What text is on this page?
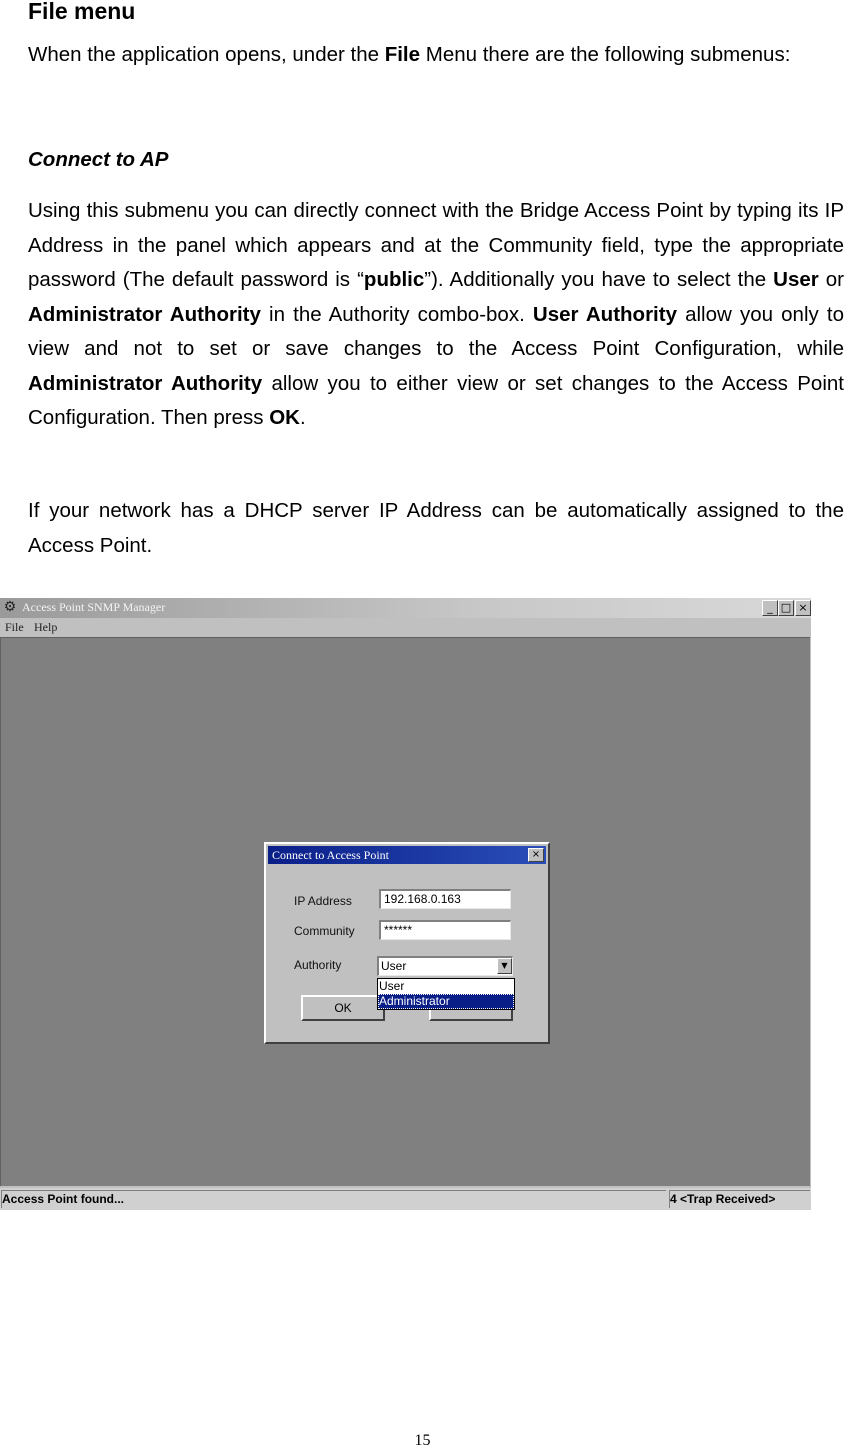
File menu

When the application opens, under the File Menu there are the following submenus:

Connect to AP

Using this submenu you can directly connect with the Bridge Access Point by typing its IP Address in the panel which appears and at the Community field, type the appropriate password (The default password is “public”). Additionally you have to select the User or Administrator Authority in the Authority combo-box. User Authority allow you only to view and not to set or save changes to the Access Point Configuration, while Administrator Authority allow you to either view or set changes to the Access Point Configuration. Then press OK.

If your network has a DHCP server IP Address can be automatically assigned to the Access Point.

⚙ Access Point SNMP Manager	_ □ ×
File Help
Connect to Access Point	×
IP Address	192.168.0.163
Community	******
Authority	User	▼
OK
User
Administrator
Access Point found...	4 <Trap Received>
15
